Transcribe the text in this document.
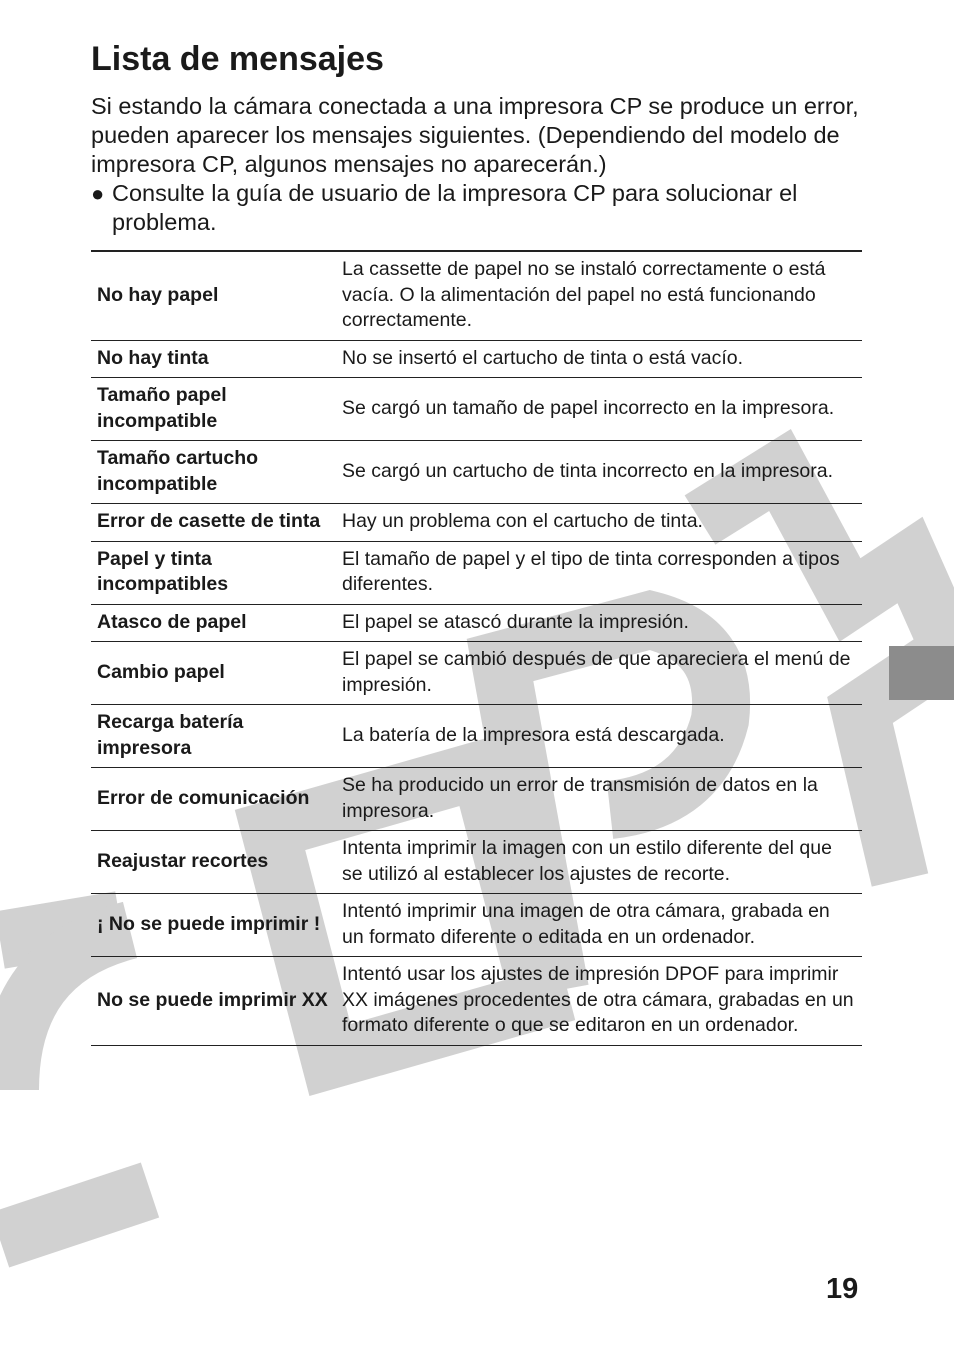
Lista de mensajes

Si estando la cámara conectada a una impresora CP se produce un error, pueden aparecer los mensajes siguientes. (Dependiendo del modelo de impresora CP, algunos mensajes no aparecerán.)

● Consulte la guía de usuario de la impresora CP para solucionar el problema.
No hay papel	La cassette de papel no se instaló correctamente o está vacía. O la alimentación del papel no está funcionando correctamente.
No hay tinta	No se insertó el cartucho de tinta o está vacío.
Tamaño papel incompatible	Se cargó un tamaño de papel incorrecto en la impresora.
Tamaño cartucho incompatible	Se cargó un cartucho de tinta incorrecto en la impresora.
Error de casette de tinta	Hay un problema con el cartucho de tinta.
Papel y tinta incompatibles	El tamaño de papel y el tipo de tinta corresponden a tipos diferentes.
Atasco de papel	El papel se atascó durante la impresión.
Cambio papel	El papel se cambió después de que apareciera el menú de impresión.
Recarga batería impresora	La batería de la impresora está descargada.
Error de comunicación	Se ha producido un error de transmisión de datos en la impresora.
Reajustar recortes	Intenta imprimir la imagen con un estilo diferente del que se utilizó al establecer los ajustes de recorte.
¡ No se puede imprimir !	Intentó imprimir una imagen de otra cámara, grabada en un formato diferente o editada en un ordenador.
No se puede imprimir XX	Intentó usar los ajustes de impresión DPOF para imprimir XX imágenes procedentes de otra cámara, grabadas en un formato diferente o que se editaron en un ordenador.
19
